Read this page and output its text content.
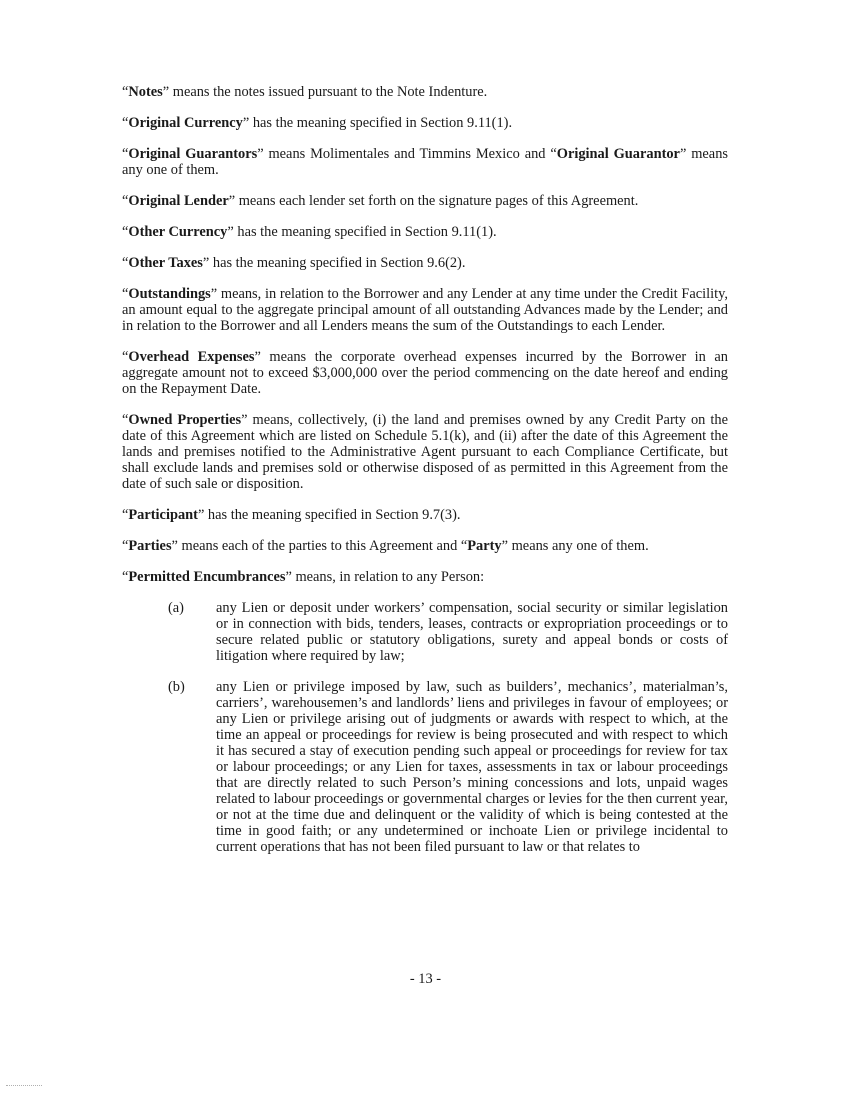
“Notes” means the notes issued pursuant to the Note Indenture.

“Original Currency” has the meaning specified in Section 9.11(1).

“Original Guarantors” means Molimentales and Timmins Mexico and “Original Guarantor” means any one of them.

“Original Lender” means each lender set forth on the signature pages of this Agreement.

“Other Currency” has the meaning specified in Section 9.11(1).

“Other Taxes” has the meaning specified in Section 9.6(2).

“Outstandings” means, in relation to the Borrower and any Lender at any time under the Credit Facility, an amount equal to the aggregate principal amount of all outstanding Advances made by the Lender; and in relation to the Borrower and all Lenders means the sum of the Outstandings to each Lender.

“Overhead Expenses” means the corporate overhead expenses incurred by the Borrower in an aggregate amount not to exceed $3,000,000 over the period commencing on the date hereof and ending on the Repayment Date.

“Owned Properties” means, collectively, (i) the land and premises owned by any Credit Party on the date of this Agreement which are listed on Schedule 5.1(k), and (ii) after the date of this Agreement the lands and premises notified to the Administrative Agent pursuant to each Compliance Certificate, but shall exclude lands and premises sold or otherwise disposed of as permitted in this Agreement from the date of such sale or disposition.

“Participant” has the meaning specified in Section 9.7(3).

“Parties” means each of the parties to this Agreement and “Party” means any one of them.

“Permitted Encumbrances” means, in relation to any Person:

(a) any Lien or deposit under workers’ compensation, social security or similar legislation or in connection with bids, tenders, leases, contracts or expropriation proceedings or to secure related public or statutory obligations, surety and appeal bonds or costs of litigation where required by law;

(b) any Lien or privilege imposed by law, such as builders’, mechanics’, materialman’s, carriers’, warehousemen’s and landlords’ liens and privileges in favour of employees; or any Lien or privilege arising out of judgments or awards with respect to which, at the time an appeal or proceedings for review is being prosecuted and with respect to which it has secured a stay of execution pending such appeal or proceedings for review for tax or labour proceedings; or any Lien for taxes, assessments in tax or labour proceedings that are directly related to such Person’s mining concessions and lots, unpaid wages related to labour proceedings or governmental charges or levies for the then current year, or not at the time due and delinquent or the validity of which is being contested at the time in good faith; or any undetermined or inchoate Lien or privilege incidental to current operations that has not been filed pursuant to law or that relates to

- 13 -
